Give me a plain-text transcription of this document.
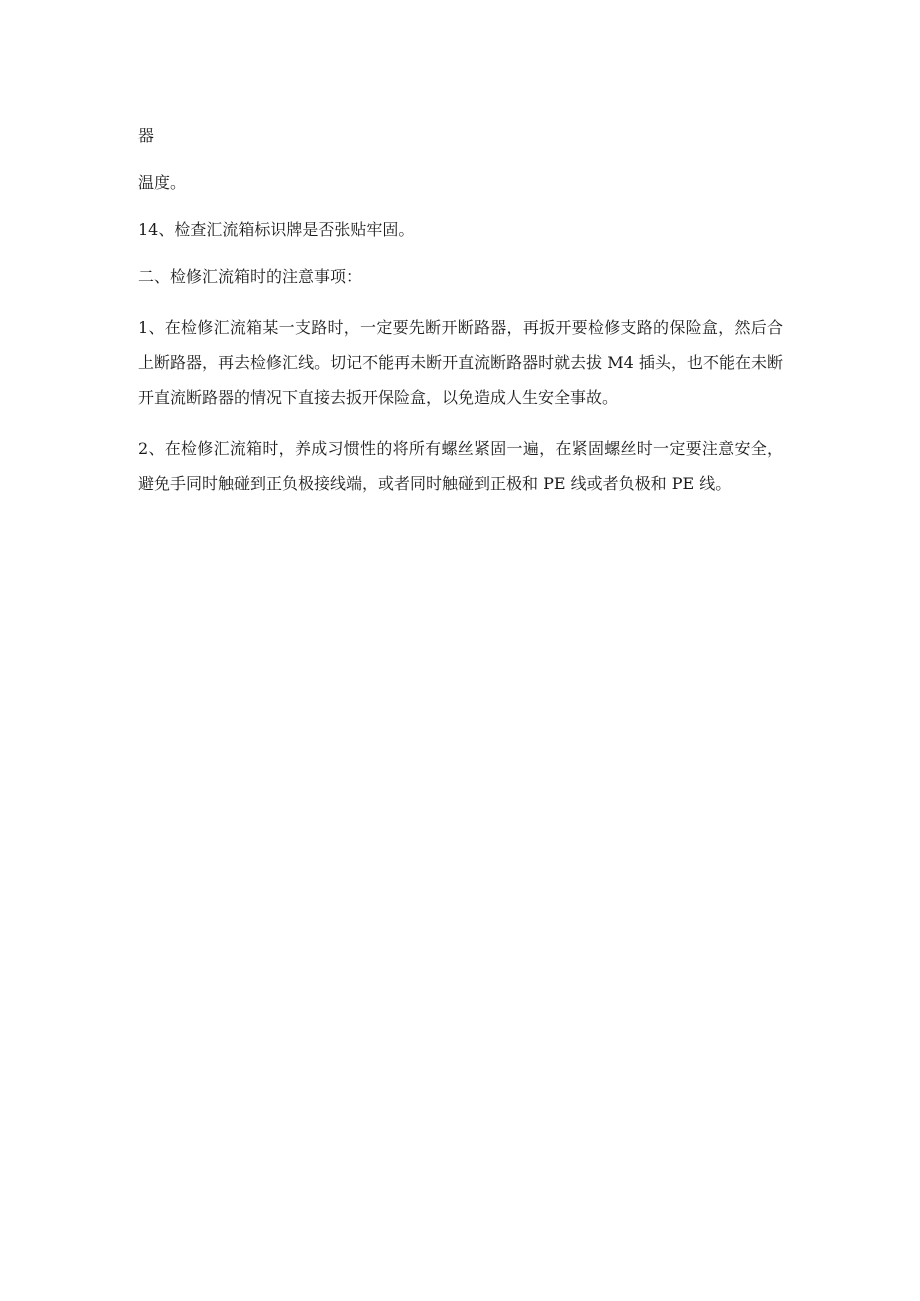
器

温度。

14、检查汇流箱标识牌是否张贴牢固。

二、检修汇流箱时的注意事项：

1、在检修汇流箱某一支路时，一定要先断开断路器，再扳开要检修支路的保险盒，然后合上断路器，再去检修汇线。切记不能再未断开直流断路器时就去拔 M4 插头，也不能在未断开直流断路器的情况下直接去扳开保险盒，以免造成人生安全事故。

2、在检修汇流箱时，养成习惯性的将所有螺丝紧固一遍，在紧固螺丝时一定要注意安全，避免手同时触碰到正负极接线端，或者同时触碰到正极和 PE 线或者负极和 PE 线。
